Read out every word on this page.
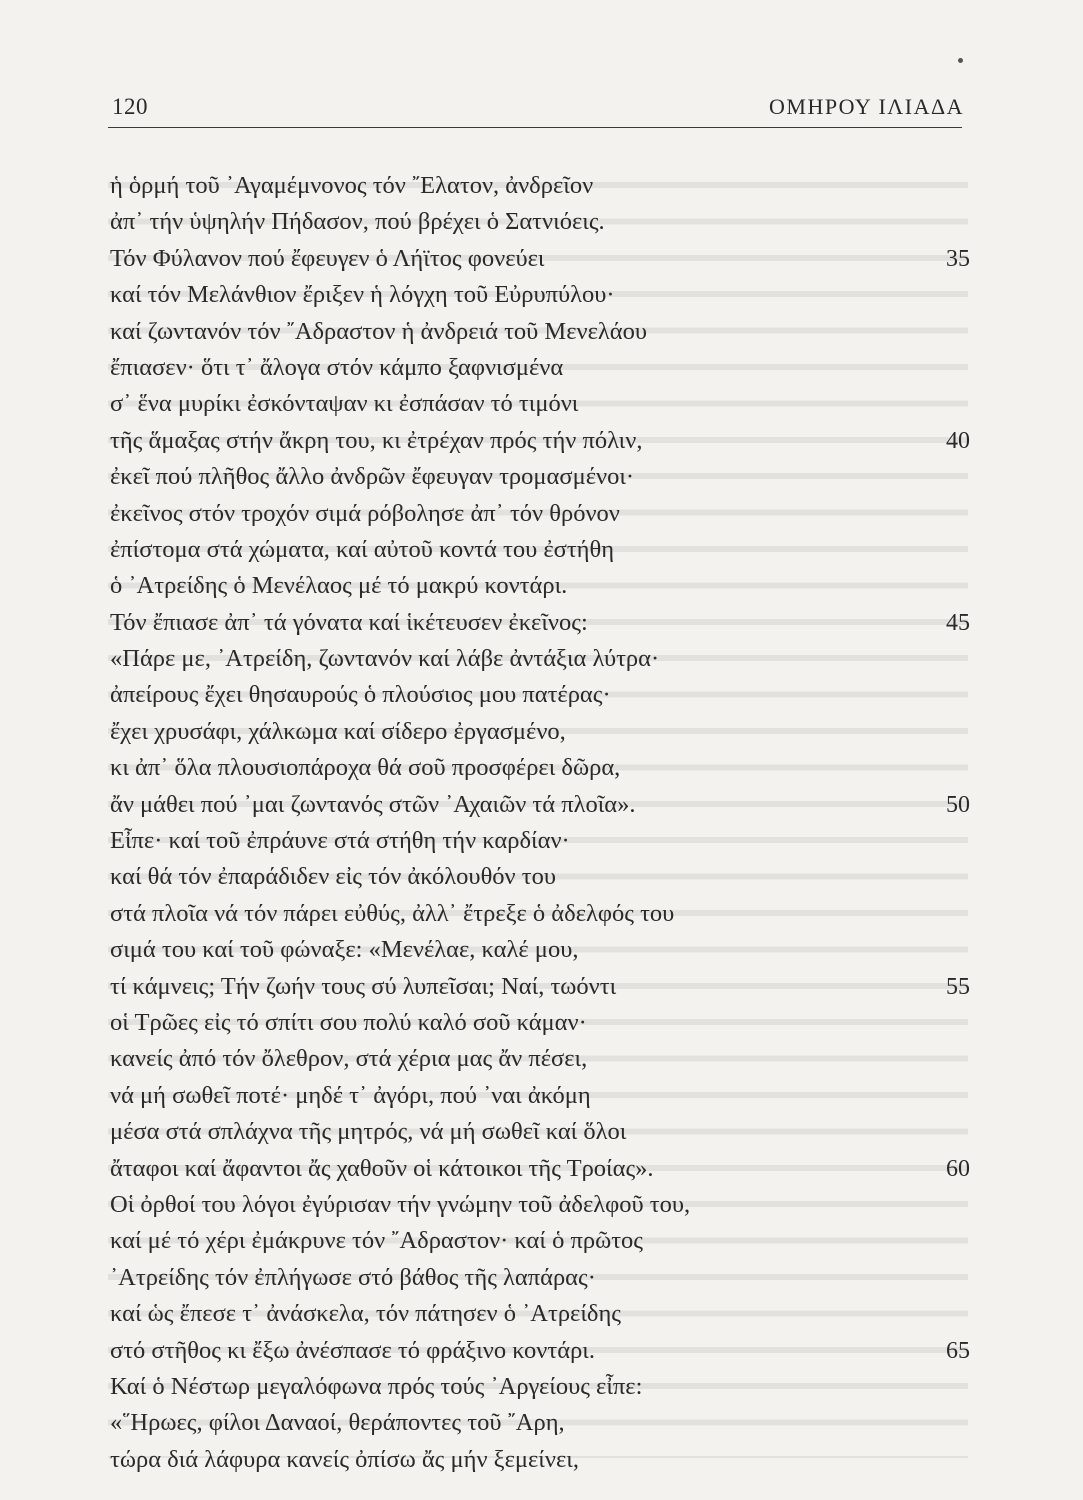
120	ΟΜΗΡΟΥ ΙΛΙΑΔΑ
ἡ ὁρμή τοῦ ᾿Αγαμέμνονος τόν ῎Ελατον, ἀνδρεῖον
ἀπ᾿ τήν ὑψηλήν Πήδασον, πού βρέχει ὁ Σατνιόεις.
Τόν Φύλανον πού ἔφευγεν ὁ Λήϊτος φονεύει	35
καί τόν Μελάνθιον ἔριξεν ἡ λόγχη τοῦ Εὐρυπύλου·
καί ζωντανόν τόν ῎Αδραστον ἡ ἀνδρειά τοῦ Μενελάου
ἔπιασεν· ὅτι τ᾿ ἄλογα στόν κάμπο ξαφνισμένα
σ᾿ ἕνα μυρίκι ἐσκόνταψαν κι ἐσπάσαν τό τιμόνι
τῆς ἅμαξας στήν ἄκρη του, κι ἐτρέχαν πρός τήν πόλιν,	40
ἐκεῖ πού πλῆθος ἄλλο ἀνδρῶν ἔφευγαν τρομασμένοι·
ἐκεῖνος στόν τροχόν σιμά ρόβολησε ἀπ᾿ τόν θρόνον
ἐπίστομα στά χώματα, καί αὐτοῦ κοντά του ἐστήθη
ὁ ᾿Ατρείδης ὁ Μενέλαος μέ τό μακρύ κοντάρι.
Τόν ἔπιασε ἀπ᾿ τά γόνατα καί ἱκέτευσεν ἐκεῖνος:	45
«Πάρε με, ᾿Ατρείδη, ζωντανόν καί λάβε ἀντάξια λύτρα·
ἀπείρους ἔχει θησαυρούς ὁ πλούσιος μου πατέρας·
ἔχει χρυσάφι, χάλκωμα καί σίδερο ἐργασμένο,
κι ἀπ᾿ ὅλα πλουσιοπάροχα θά σοῦ προσφέρει δῶρα,
ἄν μάθει πού ᾿μαι ζωντανός στῶν ᾿Αχαιῶν τά πλοῖα».	50
Εἶπε· καί τοῦ ἐπράυνε στά στήθη τήν καρδίαν·
καί θά τόν ἐπαράδιδεν εἰς τόν ἀκόλουθόν του
στά πλοῖα νά τόν πάρει εὐθύς, ἀλλ᾿ ἔτρεξε ὁ ἀδελφός του
σιμά του καί τοῦ φώναξε: «Μενέλαε, καλέ μου,
τί κάμνεις; Τήν ζωήν τους σύ λυπεῖσαι; Ναί, τωόντι	55
οἱ Τρῶες εἰς τό σπίτι σου πολύ καλό σοῦ κάμαν·
κανείς ἀπό τόν ὄλεθρον, στά χέρια μας ἄν πέσει,
νά μή σωθεῖ ποτέ· μηδέ τ᾿ ἀγόρι, πού ᾿ναι ἀκόμη
μέσα στά σπλάχνα τῆς μητρός, νά μή σωθεῖ καί ὅλοι
ἄταφοι καί ἄφαντοι ἄς χαθοῦν οἱ κάτοικοι τῆς Τροίας».	60
Οἱ ὀρθοί του λόγοι ἐγύρισαν τήν γνώμην τοῦ ἀδελφοῦ του,
καί μέ τό χέρι ἐμάκρυνε τόν ῎Αδραστον· καί ὁ πρῶτος
᾿Ατρείδης τόν ἐπλήγωσε στό βάθος τῆς λαπάρας·
καί ὡς ἔπεσε τ᾿ ἀνάσκελα, τόν πάτησεν ὁ ᾿Ατρείδης
στό στῆθος κι ἔξω ἀνέσπασε τό φράξινο κοντάρι.	65
Καί ὁ Νέστωρ μεγαλόφωνα πρός τούς ᾿Αργείους εἶπε:
«῞Ηρωες, φίλοι Δαναοί, θεράποντες τοῦ ῎Αρη,
τώρα διά λάφυρα κανείς ὀπίσω ἄς μήν ξεμείνει,
